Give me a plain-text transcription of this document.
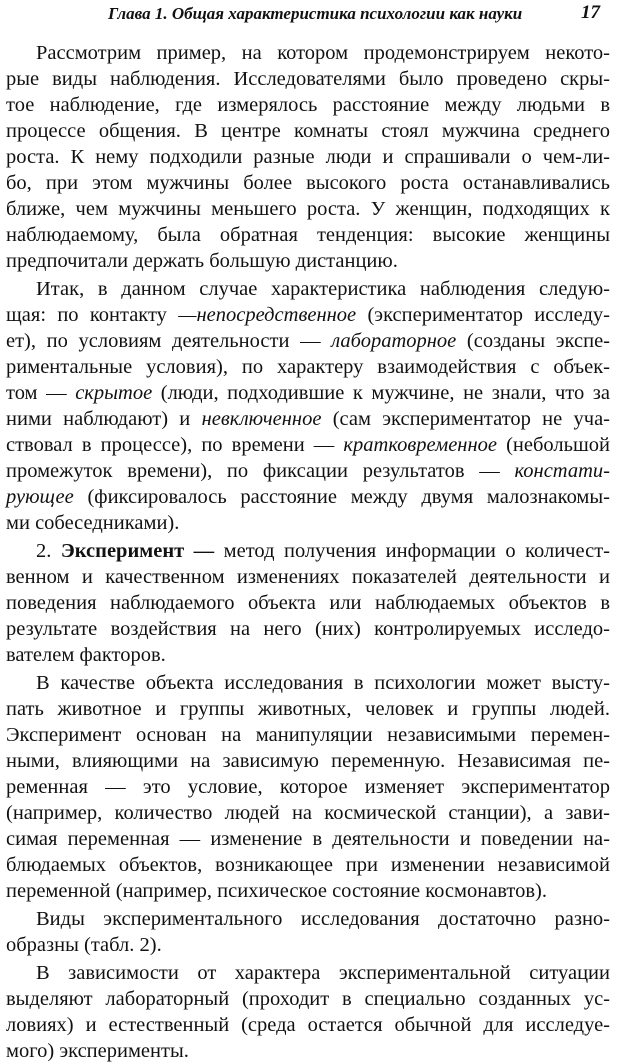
Глава 1. Общая характеристика психологии как науки	17
Рассмотрим пример, на котором продемонстрируем некото-
рые виды наблюдения. Исследователями было проведено скры-
тое наблюдение, где измерялось расстояние между людьми в
процессе общения. В центре комнаты стоял мужчина среднего
роста. К нему подходили разные люди и спрашивали о чем-ли-
бо, при этом мужчины более высокого роста останавливались
ближе, чем мужчины меньшего роста. У женщин, подходящих к
наблюдаемому, была обратная тенденция: высокие женщины
предпочитали держать большую дистанцию.
Итак, в данном случае характеристика наблюдения следую-
щая: по контакту —непосредственное (экспериментатор исследу-
ет), по условиям деятельности — лабораторное (созданы экспе-
риментальные условия), по характеру взаимодействия с объек-
том — скрытое (люди, подходившие к мужчине, не знали, что за
ними наблюдают) и невключенное (сам экспериментатор не уча-
ствовал в процессе), по времени — кратковременное (небольшой
промежуток времени), по фиксации результатов — констати-
рующее (фиксировалось расстояние между двумя малознакомы-
ми собеседниками).
2. Эксперимент — метод получения информации о количест-
венном и качественном изменениях показателей деятельности и
поведения наблюдаемого объекта или наблюдаемых объектов в
результате воздействия на него (них) контролируемых исследо-
вателем факторов.
В качестве объекта исследования в психологии может высту-
пать животное и группы животных, человек и группы людей.
Эксперимент основан на манипуляции независимыми перемен-
ными, влияющими на зависимую переменную. Независимая пе-
ременная — это условие, которое изменяет экспериментатор
(например, количество людей на космической станции), а зави-
симая переменная — изменение в деятельности и поведении на-
блюдаемых объектов, возникающее при изменении независимой
переменной (например, психическое состояние космонавтов).
Виды экспериментального исследования достаточно разно-
образны (табл. 2).
В зависимости от характера экспериментальной ситуации
выделяют лабораторный (проходит в специально созданных ус-
ловиях) и естественный (среда остается обычной для исследуе-
мого) эксперименты.
